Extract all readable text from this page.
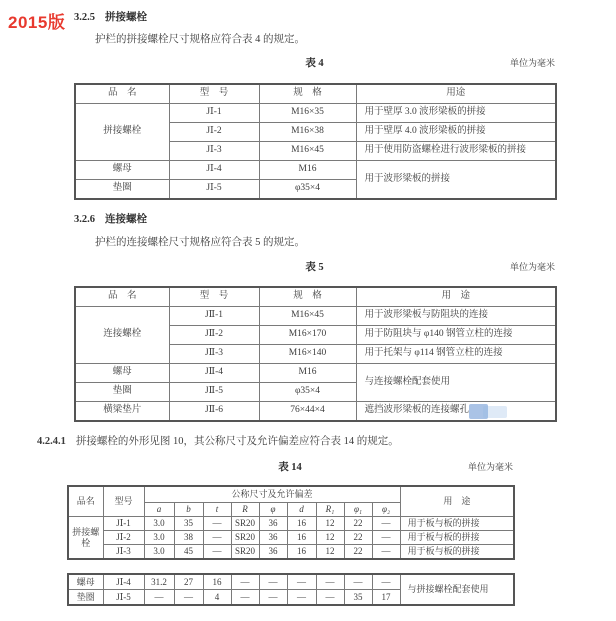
2015版 3.2.5 拼接螺栓
护栏的拼接螺栓尺寸规格应符合表 4 的规定。
表 4	单位为毫米
品　名	型　号	规　格	用途
拼接螺栓	JⅠ-1	M16×35	用于壁厚 3.0 波形梁板的拼接
	JⅠ-2	M16×38	用于壁厚 4.0 波形梁板的拼接
	JⅠ-3	M16×45	用于使用防盗螺栓进行波形梁板的拼接
螺母	JⅠ-4	M16	用于波形梁板的拼接
垫圈	JⅠ-5	φ35×4	
3.2.6 连接螺栓
护栏的连接螺栓尺寸规格应符合表 5 的规定。
表 5	单位为毫米
品　名	型　号	规　格	用　途
连接螺栓	JⅡ-1	M16×45	用于波形梁板与防阻块的连接
	JⅡ-2	M16×170	用于防阻块与 φ140 钢管立柱的连接
	JⅡ-3	M16×140	用于托架与 φ114 钢管立柱的连接
螺母	JⅡ-4	M16	与连接螺栓配套使用
垫圈	JⅡ-5	φ35×4	
横梁垫片	JⅡ-6	76×44×4	遮挡波形梁板的连接螺孔
4.2.4.1 拼接螺栓的外形见图 10，其公称尺寸及允许偏差应符合表 14 的规定。
表 14	单位为毫米
品名	型号	公称尺寸及允许偏差									用　途
		a	b	t	R	φ	d	R₁	φ₁	φ₂	
拼接螺栓	JⅠ-1	3.0	35	—	SR20	36	16	12	22	—	用于板与板的拼接
	JⅠ-2	3.0	38	—	SR20	36	16	12	22	—	用于板与板的拼接
	JⅠ-3	3.0	45	—	SR20	36	16	12	22	—	用于板与板的拼接
螺母	JⅠ-4	31.2	27	16	—	—	—	—	—	—	与拼接螺栓配套使用
垫圈	JⅠ-5	—	—	4	—	—	—	—	35	17	
